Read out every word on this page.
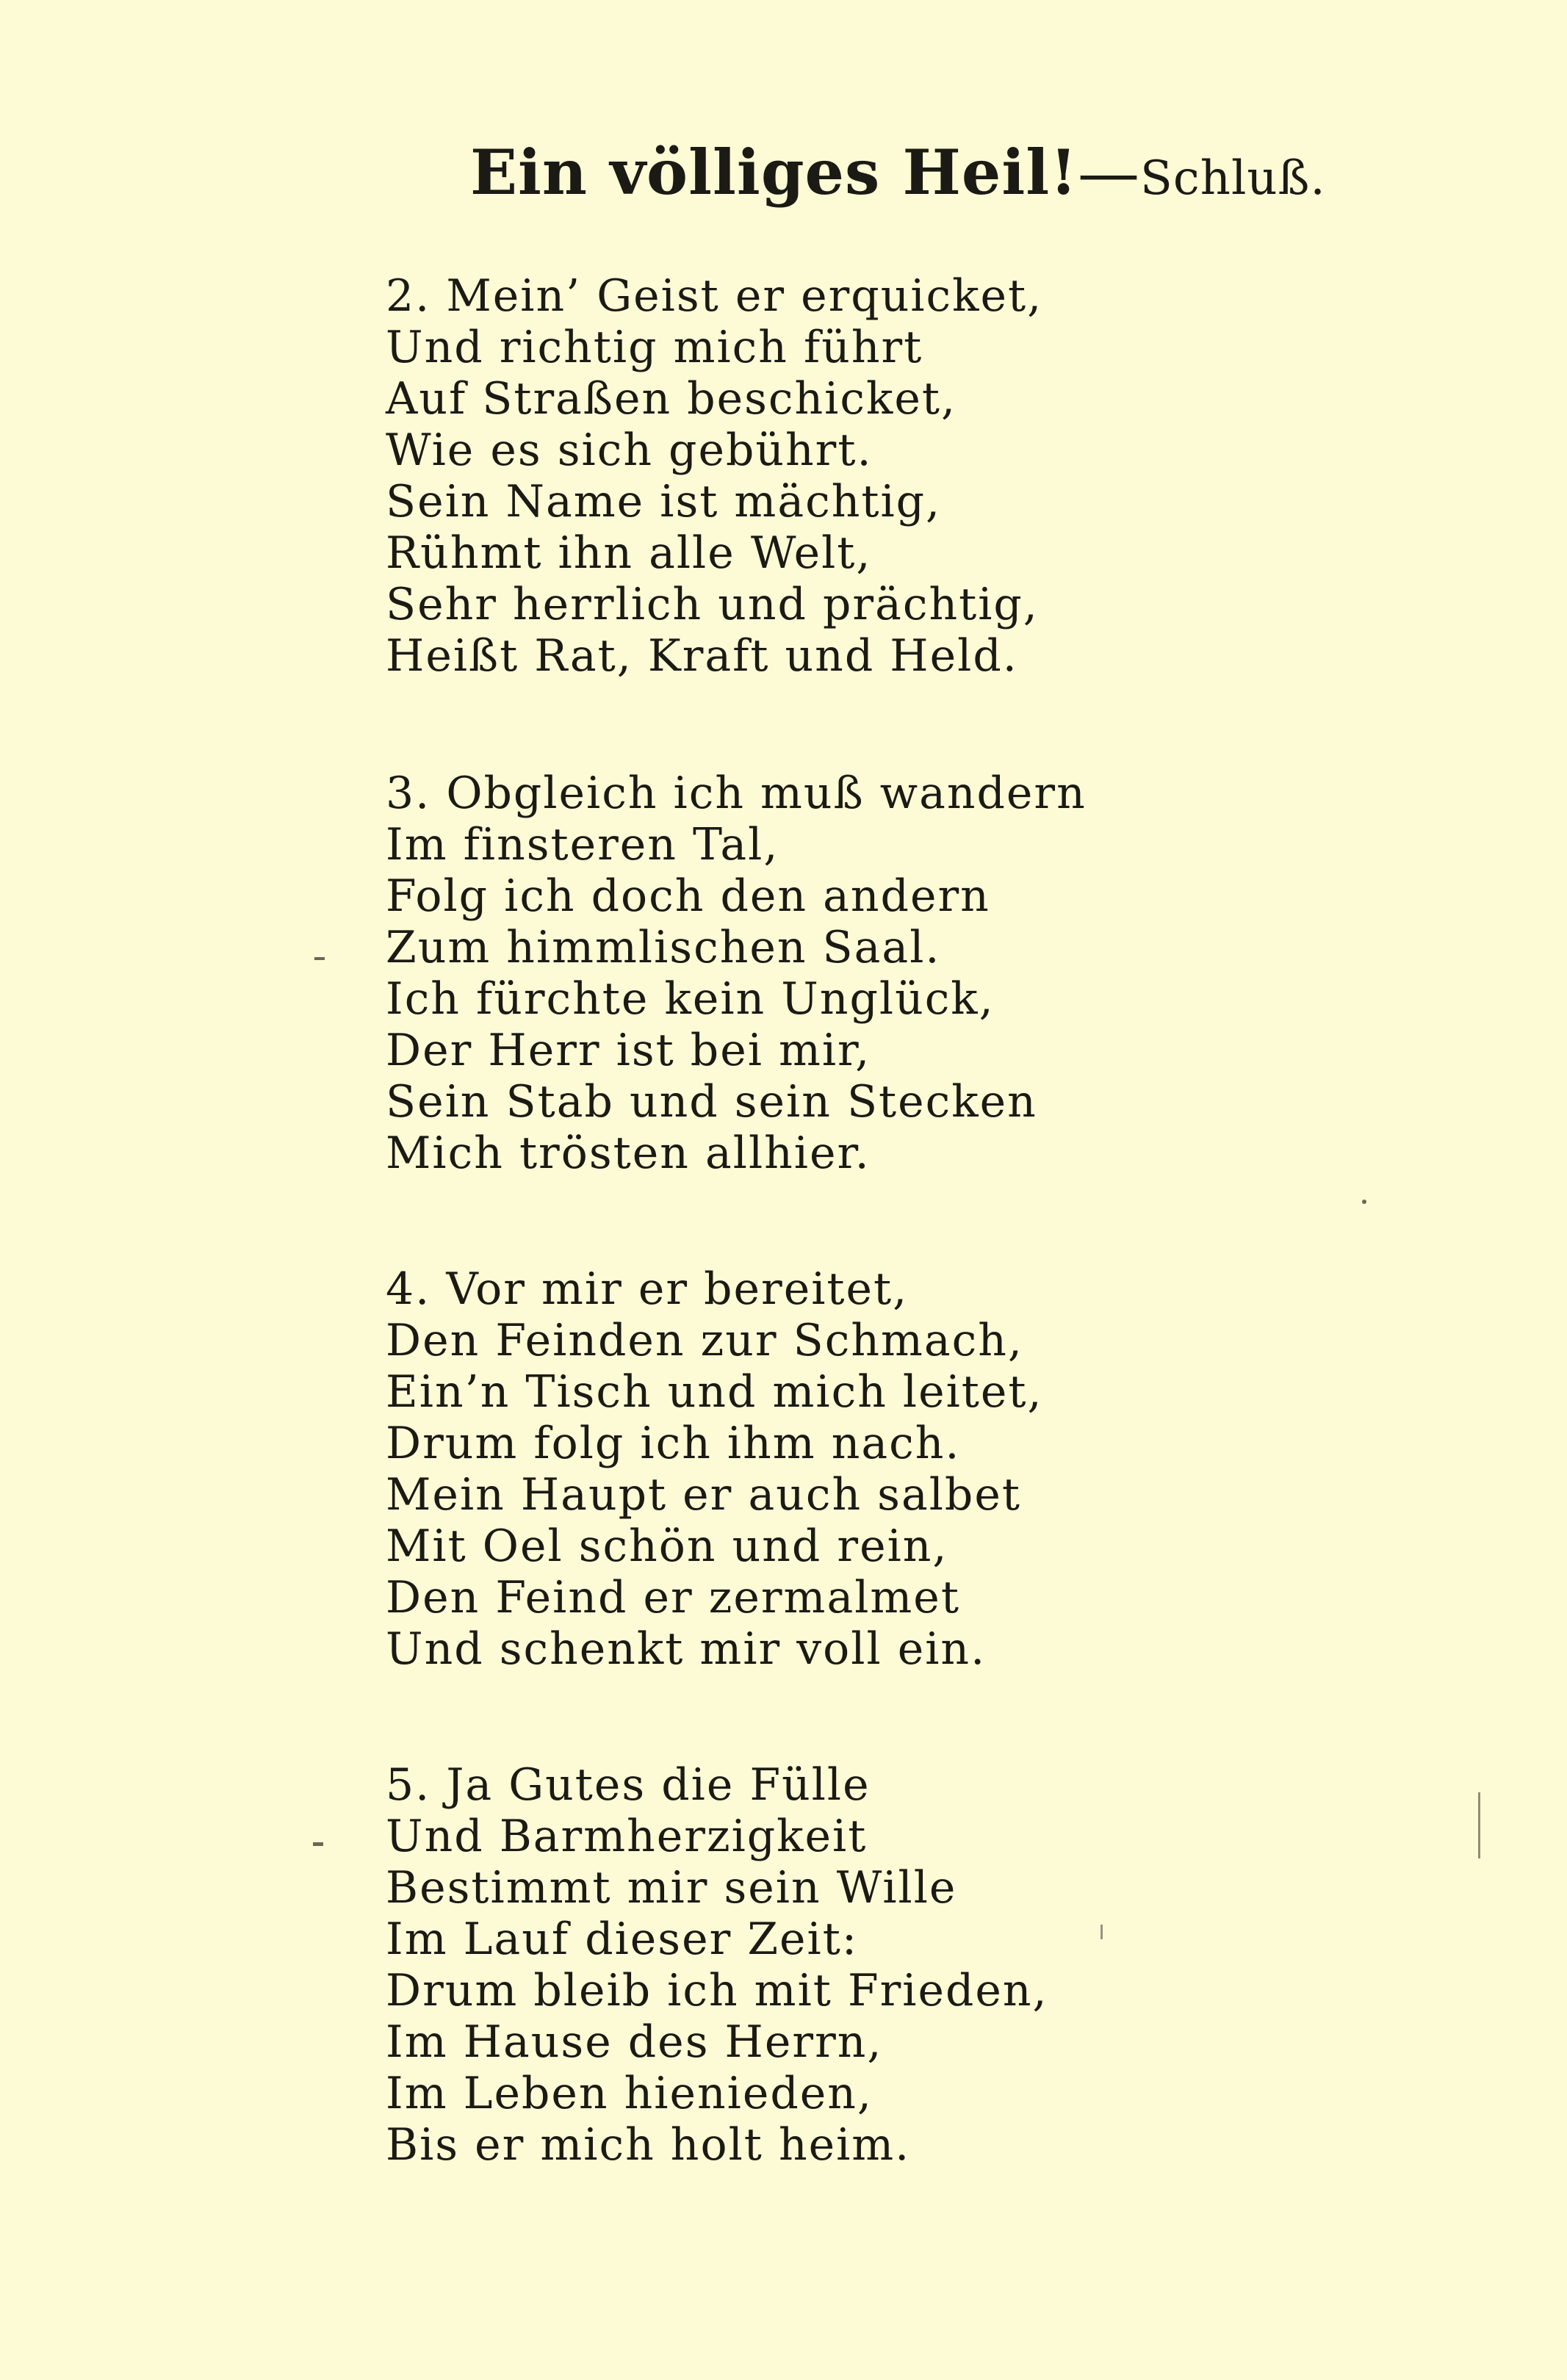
Ein völliges Heil!—Schluß.
2. Mein’ Geist er erquicket,
Und richtig mich führt
Auf Straßen beschicket,
Wie es sich gebührt.
Sein Name ist mächtig,
Rühmt ihn alle Welt,
Sehr herrlich und prächtig,
Heißt Rat, Kraft und Held.
3. Obgleich ich muß wandern
Im finsteren Tal,
Folg ich doch den andern
Zum himmlischen Saal.
Ich fürchte kein Unglück,
Der Herr ist bei mir,
Sein Stab und sein Stecken
Mich trösten allhier.
4. Vor mir er bereitet,
Den Feinden zur Schmach,
Ein’n Tisch und mich leitet,
Drum folg ich ihm nach.
Mein Haupt er auch salbet
Mit Oel schön und rein,
Den Feind er zermalmet
Und schenkt mir voll ein.
5. Ja Gutes die Fülle
Und Barmherzigkeit
Bestimmt mir sein Wille
Im Lauf dieser Zeit:
Drum bleib ich mit Frieden,
Im Hause des Herrn,
Im Leben hienieden,
Bis er mich holt heim.
